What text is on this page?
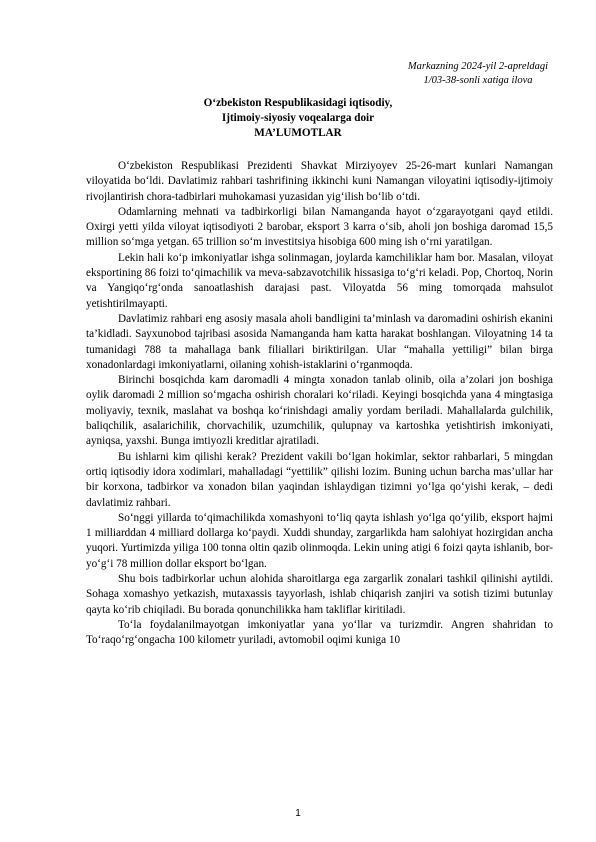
Markazning 2024-yil 2-apreldagi
1/03-38-sonli xatiga ilova
O‘zbekiston Respublikasidagi iqtisodiy,
Ijtimoiy-siyosiy voqealarga doir
MA’LUMOTLAR

O‘zbekiston Respublikasi Prezidenti Shavkat Mirziyoyev 25-26-mart kunlari Namangan viloyatida bo‘ldi. Davlatimiz rahbari tashrifining ikkinchi kuni Namangan viloyatini iqtisodiy-ijtimoiy rivojlantirish chora-tadbirlari muhokamasi yuzasidan yig‘ilish bo‘lib o‘tdi.

Odamlarning mehnati va tadbirkorligi bilan Namanganda hayot o‘zgarayotgani qayd etildi. Oxirgi yetti yilda viloyat iqtisodiyoti 2 barobar, eksport 3 karra o‘sib, aholi jon boshiga daromad 15,5 million so‘mga yetgan. 65 trillion so‘m investitsiya hisobiga 600 ming ish o‘rni yaratilgan.

Lekin hali ko‘p imkoniyatlar ishga solinmagan, joylarda kamchiliklar ham bor. Masalan, viloyat eksportining 86 foizi to‘qimachilik va meva-sabzavotchilik hissasiga to‘g‘ri keladi. Pop, Chortoq, Norin va Yangiqo‘rg‘onda sanoatlashish darajasi past. Viloyatda 56 ming tomorqada mahsulot yetishtirilmayapti.

Davlatimiz rahbari eng asosiy masala aholi bandligini ta’minlash va daromadini oshirish ekanini ta’kidladi. Sayxunobod tajribasi asosida Namanganda ham katta harakat boshlangan. Viloyatning 14 ta tumanidagi 788 ta mahallaga bank filiallari biriktirilgan. Ular “mahalla yettiligi” bilan birga xonadonlardagi imkoniyatlarni, oilaning xohish-istaklarini o‘rganmoqda.

Birinchi bosqichda kam daromadli 4 mingta xonadon tanlab olinib, oila a’zolari jon boshiga oylik daromadi 2 million so‘mgacha oshirish choralari ko‘riladi. Keyingi bosqichda yana 4 mingtasiga moliyaviy, texnik, maslahat va boshqa ko‘rinishdagi amaliy yordam beriladi. Mahallalarda gulchilik, baliqchilik, asalarichilik, chorvachilik, uzumchilik, qulupnay va kartoshka yetishtirish imkoniyati, ayniqsa, yaxshi. Bunga imtiyozli kreditlar ajratiladi.

Bu ishlarni kim qilishi kerak? Prezident vakili bo‘lgan hokimlar, sektor rahbarlari, 5 mingdan ortiq iqtisodiy idora xodimlari, mahalladagi “yettilik” qilishi lozim. Buning uchun barcha mas’ullar har bir korxona, tadbirkor va xonadon bilan yaqindan ishlaydigan tizimni yo‘lga qo‘yishi kerak, – dedi davlatimiz rahbari.

So‘nggi yillarda to‘qimachilikda xomashyoni to‘liq qayta ishlash yo‘lga qo‘yilib, eksport hajmi 1 milliarddan 4 milliard dollarga ko‘paydi. Xuddi shunday, zargarlikda ham salohiyat hozirgidan ancha yuqori. Yurtimizda yiliga 100 tonna oltin qazib olinmoqda. Lekin uning atigi 6 foizi qayta ishlanib, bor-yo‘g‘i 78 million dollar eksport bo‘lgan.

Shu bois tadbirkorlar uchun alohida sharoitlarga ega zargarlik zonalari tashkil qilinishi aytildi. Sohaga xomashyo yetkazish, mutaxassis tayyorlash, ishlab chiqarish zanjiri va sotish tizimi butunlay qayta ko‘rib chiqiladi. Bu borada qonunchilikka ham takliflar kiritiladi.

To‘la foydalanilmayotgan imkoniyatlar yana yo‘llar va turizmdir. Angren shahridan to To‘raqo‘rg‘ongacha 100 kilometr yuriladi, avtomobil oqimi kuniga 10

1
